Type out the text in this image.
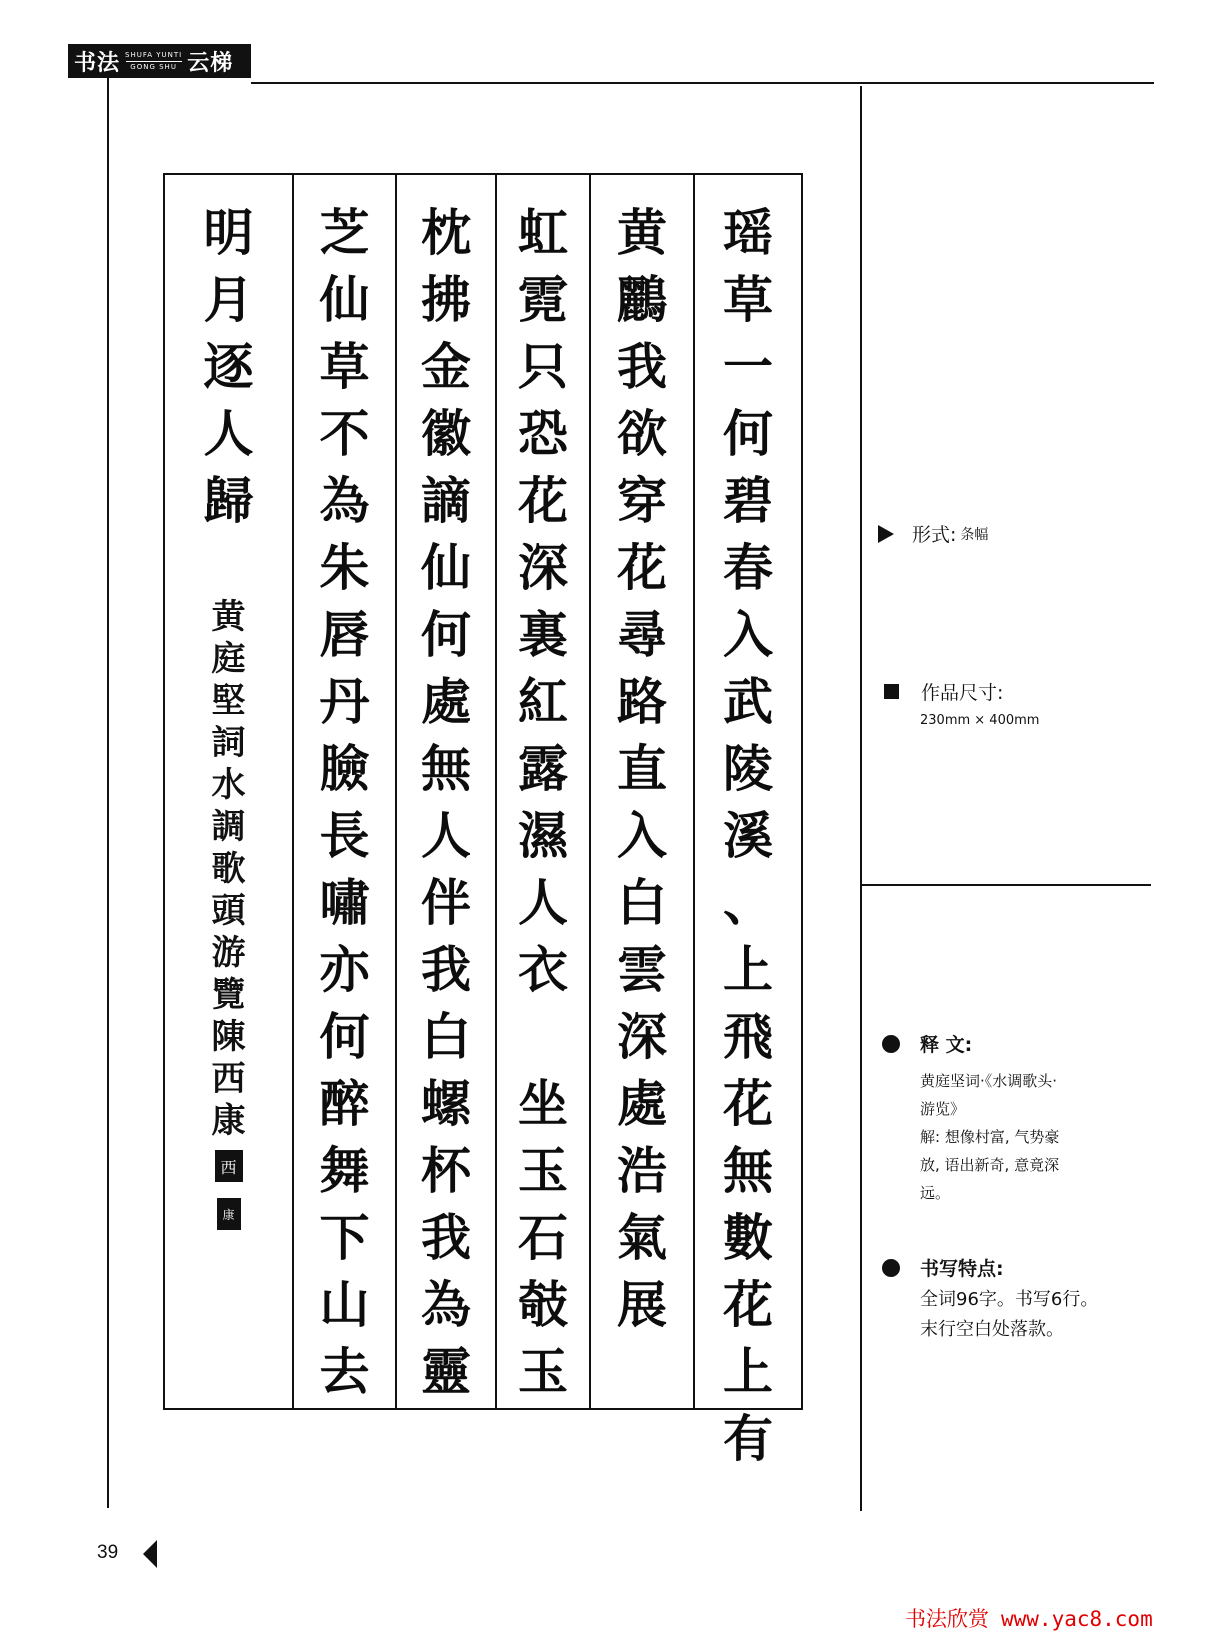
书法 SHUFA YUNTI
GONG SHU 云梯
瑶
草
一
何
碧
春
入
武
陵
溪
、
上
飛
花
無
數
花
上
有
黄
鸝
我
欲
穿
花
尋
路
直
入
白
雲
深
處
浩
氣
展
虹
霓
只
恐
花
深
裏
紅
露
濕
人
衣

坐
玉
石
攲
玉
枕
拂
金
徽
謫
仙
何
處
無
人
伴
我
白
螺
杯
我
為
靈
芝
仙
草
不
為
朱
唇
丹
臉
長
嘯
亦
何
醉
舞
下
山
去
明
月
逐
人
歸
黄
庭
堅
詞
水
調
歌
頭
游
覽
陳
西
康
西
康
形式: 条幅
作品尺寸:
230mm × 400mm
释 文:
黄庭坚词·《水调歌头·
游览》
解: 想像村富, 气势豪
放, 语出新奇, 意竟深
远。
书写特点:
全词96字。书写6行。
末行空白处落款。
39
书法欣赏 www.yac8.com
